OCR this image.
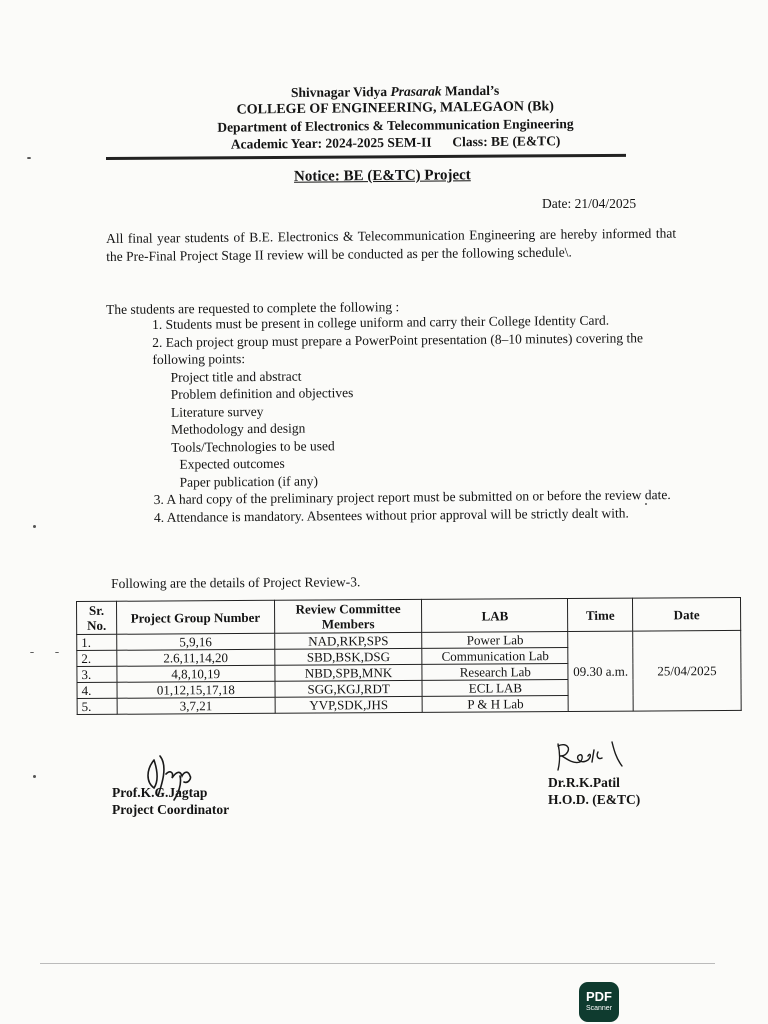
Shivnagar Vidya Prasarak Mandal’s
COLLEGE OF ENGINEERING, MALEGAON (Bk)
Department of Electronics & Telecommunication Engineering
Academic Year: 2024-2025 SEM-II Class: BE (E&TC)
Notice: BE (E&TC) Project
Date: 21/04/2025
All final year students of B.E. Electronics & Telecommunication Engineering are hereby informed that the Pre-Final Project Stage II review will be conducted as per the following schedule\.
The students are requested to complete the following :

1. Students must be present in college uniform and carry their College Identity Card.

2. Each project group must prepare a PowerPoint presentation (8–10 minutes) covering the following points:

Project title and abstract

Problem definition and objectives

Literature survey

Methodology and design

Tools/Technologies to be used

Expected outcomes

Paper publication (if any)

3. A hard copy of the preliminary project report must be submitted on or before the review date.

4. Attendance is mandatory. Absentees without prior approval will be strictly dealt with.

Following are the details of Project Review-3.
Sr. No.	Project Group Number	Review Committee Members	LAB	Time	Date
1.	5,9,16	NAD,RKP,SPS	Power Lab	09.30 a.m.	25/04/2025
2.	2.6,11,14,20	SBD,BSK,DSG	Communication Lab		
3.	4,8,10,19	NBD,SPB,MNK	Research Lab		
4.	01,12,15,17,18	SGG,KGJ,RDT	ECL LAB		
5.	3,7,21	YVP,SDK,JHS	P & H Lab		
Prof.K.G.Jagtap
Project Coordinator
Dr.R.K.Patil
H.O.D. (E&TC)
PDF
Scanner
